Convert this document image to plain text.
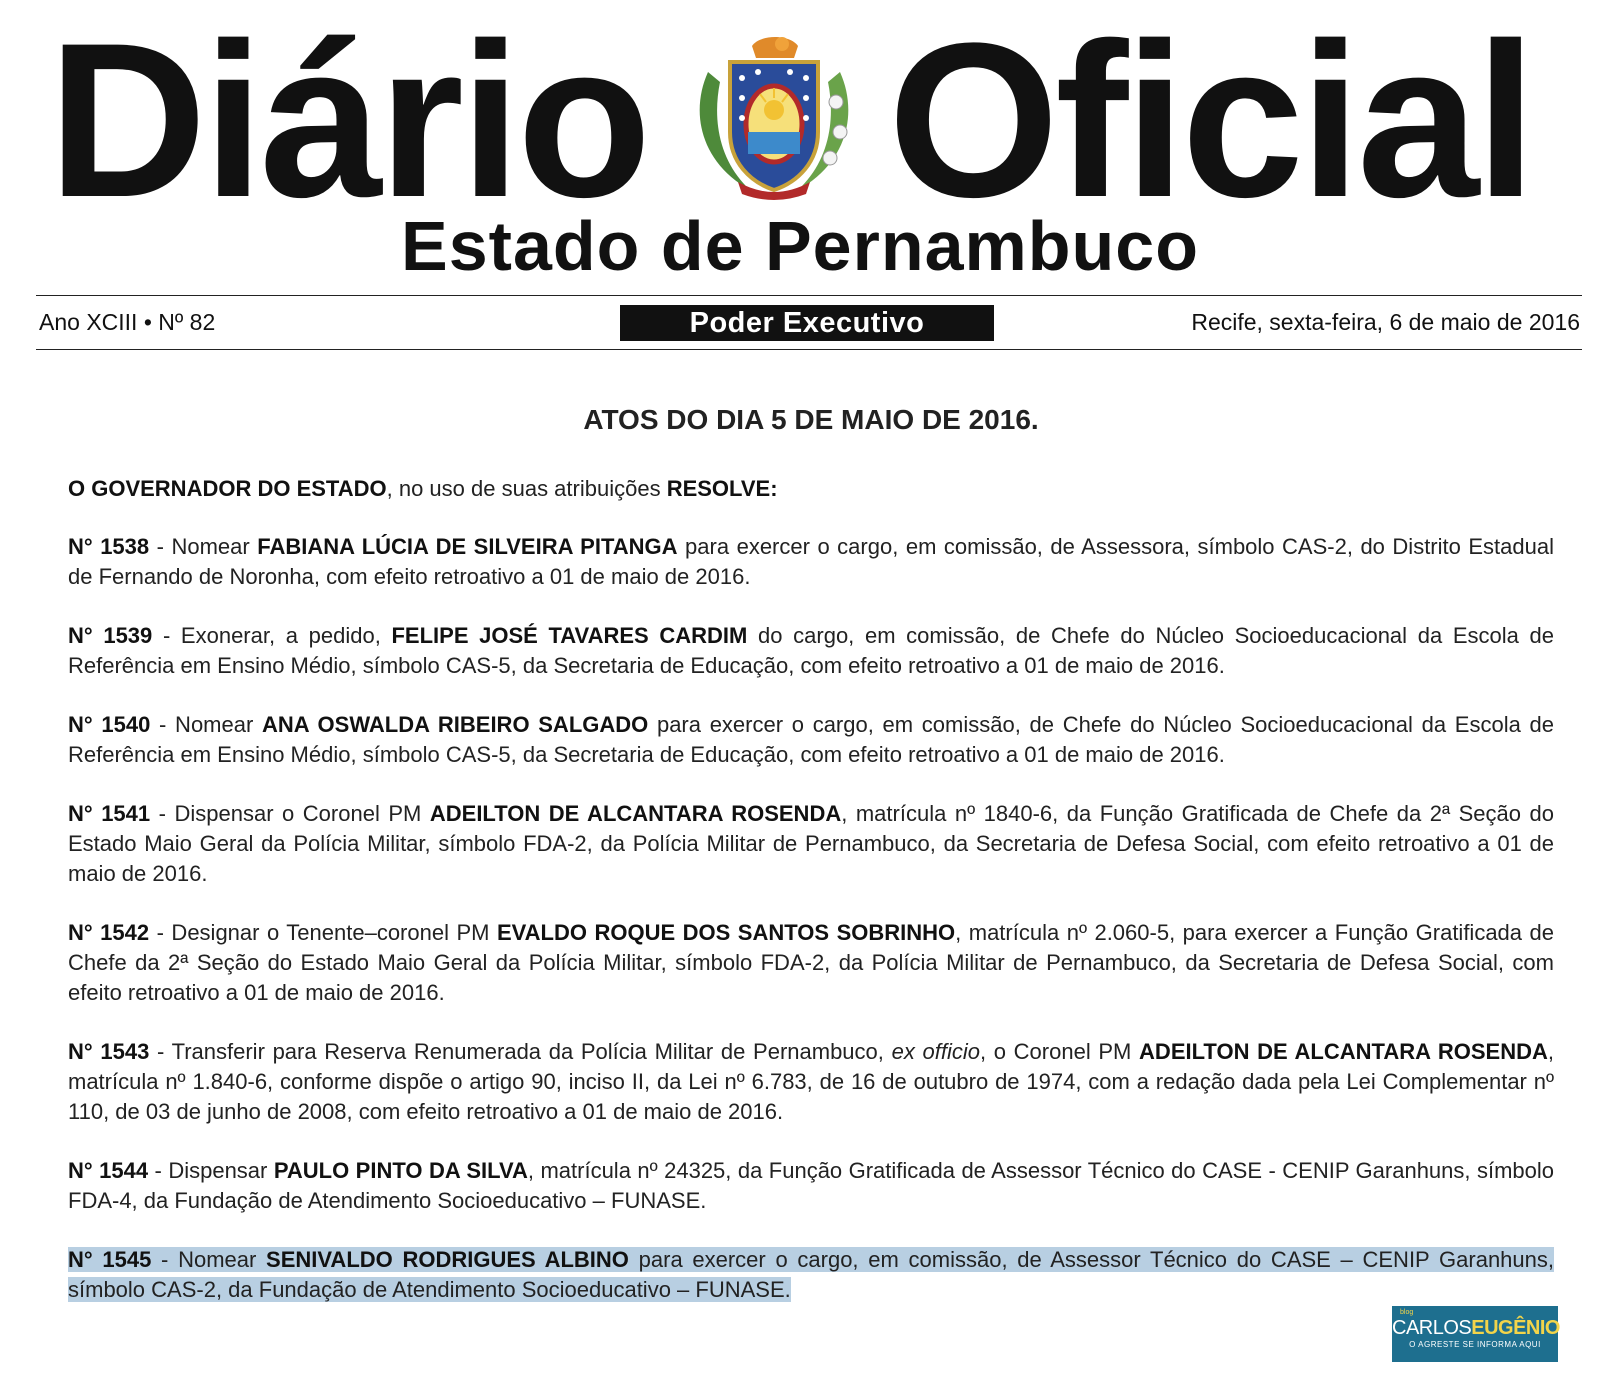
Diário Oficial
Estado de Pernambuco
Ano XCIII • Nº 82	Poder Executivo	Recife, sexta-feira, 6 de maio de 2016
ATOS DO DIA 5 DE MAIO DE 2016.

O GOVERNADOR DO ESTADO, no uso de suas atribuições RESOLVE:

N° 1538 - Nomear FABIANA LÚCIA DE SILVEIRA PITANGA para exercer o cargo, em comissão, de Assessora, símbolo CAS-2, do Distrito Estadual de Fernando de Noronha, com efeito retroativo a 01 de maio de 2016.

N° 1539 - Exonerar, a pedido, FELIPE JOSÉ TAVARES CARDIM do cargo, em comissão, de Chefe do Núcleo Socioeducacional da Escola de Referência em Ensino Médio, símbolo CAS-5, da Secretaria de Educação, com efeito retroativo a 01 de maio de 2016.

N° 1540 - Nomear ANA OSWALDA RIBEIRO SALGADO para exercer o cargo, em comissão, de Chefe do Núcleo Socioeducacional da Escola de Referência em Ensino Médio, símbolo CAS-5, da Secretaria de Educação, com efeito retroativo a 01 de maio de 2016.

N° 1541 - Dispensar o Coronel PM ADEILTON DE ALCANTARA ROSENDA, matrícula nº 1840-6, da Função Gratificada de Chefe da 2ª Seção do Estado Maio Geral da Polícia Militar, símbolo FDA-2, da Polícia Militar de Pernambuco, da Secretaria de Defesa Social, com efeito retroativo a 01 de maio de 2016.

N° 1542 - Designar o Tenente–coronel PM EVALDO ROQUE DOS SANTOS SOBRINHO, matrícula nº 2.060-5, para exercer a Função Gratificada de Chefe da 2ª Seção do Estado Maio Geral da Polícia Militar, símbolo FDA-2, da Polícia Militar de Pernambuco, da Secretaria de Defesa Social, com efeito retroativo a 01 de maio de 2016.

N° 1543 - Transferir para Reserva Renumerada da Polícia Militar de Pernambuco, ex officio, o Coronel PM ADEILTON DE ALCANTARA ROSENDA, matrícula nº 1.840-6, conforme dispõe o artigo 90, inciso II, da Lei nº 6.783, de 16 de outubro de 1974, com a redação dada pela Lei Complementar nº 110, de 03 de junho de 2008, com efeito retroativo a 01 de maio de 2016.

N° 1544 - Dispensar PAULO PINTO DA SILVA, matrícula nº 24325, da Função Gratificada de Assessor Técnico do CASE - CENIP Garanhuns, símbolo FDA-4, da Fundação de Atendimento Socioeducativo – FUNASE.

N° 1545 - Nomear SENIVALDO RODRIGUES ALBINO para exercer o cargo, em comissão, de Assessor Técnico do CASE – CENIP Garanhuns, símbolo CAS-2, da Fundação de Atendimento Socioeducativo – FUNASE.

blog
CARLOSEUGÊNIO
O AGRESTE SE INFORMA AQUI
